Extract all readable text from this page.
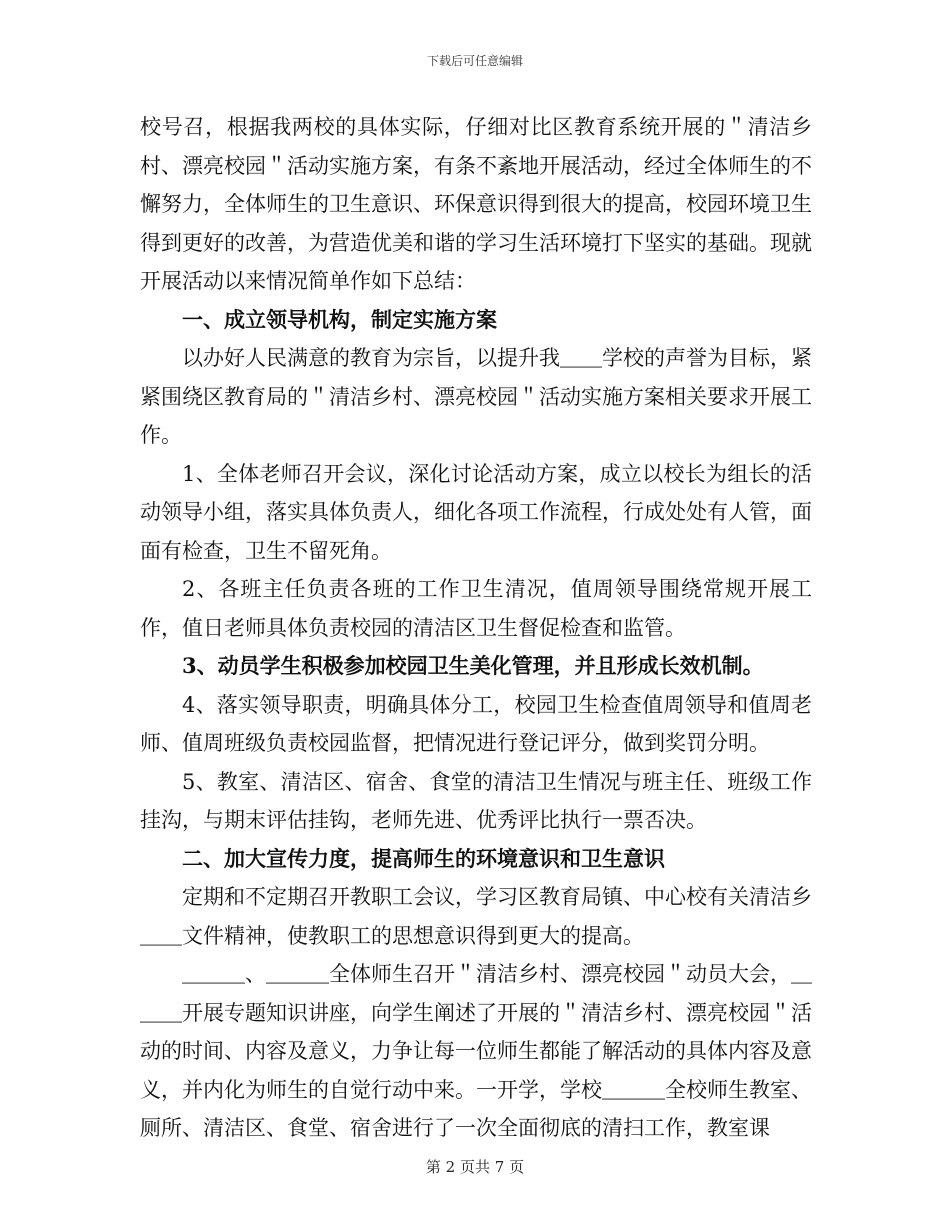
下载后可任意编辑

校号召，根据我两校的具体实际，仔细对比区教育系统开展的＂清洁乡村、漂亮校园＂活动实施方案，有条不紊地开展活动，经过全体师生的不懈努力，全体师生的卫生意识、环保意识得到很大的提高，校园环境卫生得到更好的改善，为营造优美和谐的学习生活环境打下坚实的基础。现就开展活动以来情况简单作如下总结：

一、成立领导机构，制定实施方案

以办好人民满意的教育为宗旨，以提升我＿＿学校的声誉为目标，紧紧围绕区教育局的＂清洁乡村、漂亮校园＂活动实施方案相关要求开展工作。

1、全体老师召开会议，深化讨论活动方案，成立以校长为组长的活动领导小组，落实具体负责人，细化各项工作流程，行成处处有人管，面面有检查，卫生不留死角。

2、各班主任负责各班的工作卫生清况，值周领导围绕常规开展工作，值日老师具体负责校园的清洁区卫生督促检查和监管。

3、动员学生积极参加校园卫生美化管理，并且形成长效机制。

4、落实领导职责，明确具体分工，校园卫生检查值周领导和值周老师、值周班级负责校园监督，把情况进行登记评分，做到奖罚分明。

5、教室、清洁区、宿舍、食堂的清洁卫生情况与班主任、班级工作挂沟，与期末评估挂钩，老师先进、优秀评比执行一票否决。

二、加大宣传力度，提高师生的环境意识和卫生意识

定期和不定期召开教职工会议，学习区教育局镇、中心校有关清洁乡＿＿文件精神，使教职工的思想意识得到更大的提高。

＿＿＿、＿＿＿全体师生召开＂清洁乡村、漂亮校园＂动员大会，＿＿＿开展专题知识讲座，向学生阐述了开展的＂清洁乡村、漂亮校园＂活动的时间、内容及意义，力争让每一位师生都能了解活动的具体内容及意义，并内化为师生的自觉行动中来。一开学，学校＿＿＿全校师生教室、厕所、清洁区、食堂、宿舍进行了一次全面彻底的清扫工作，教室课

第 2 页共 7 页
